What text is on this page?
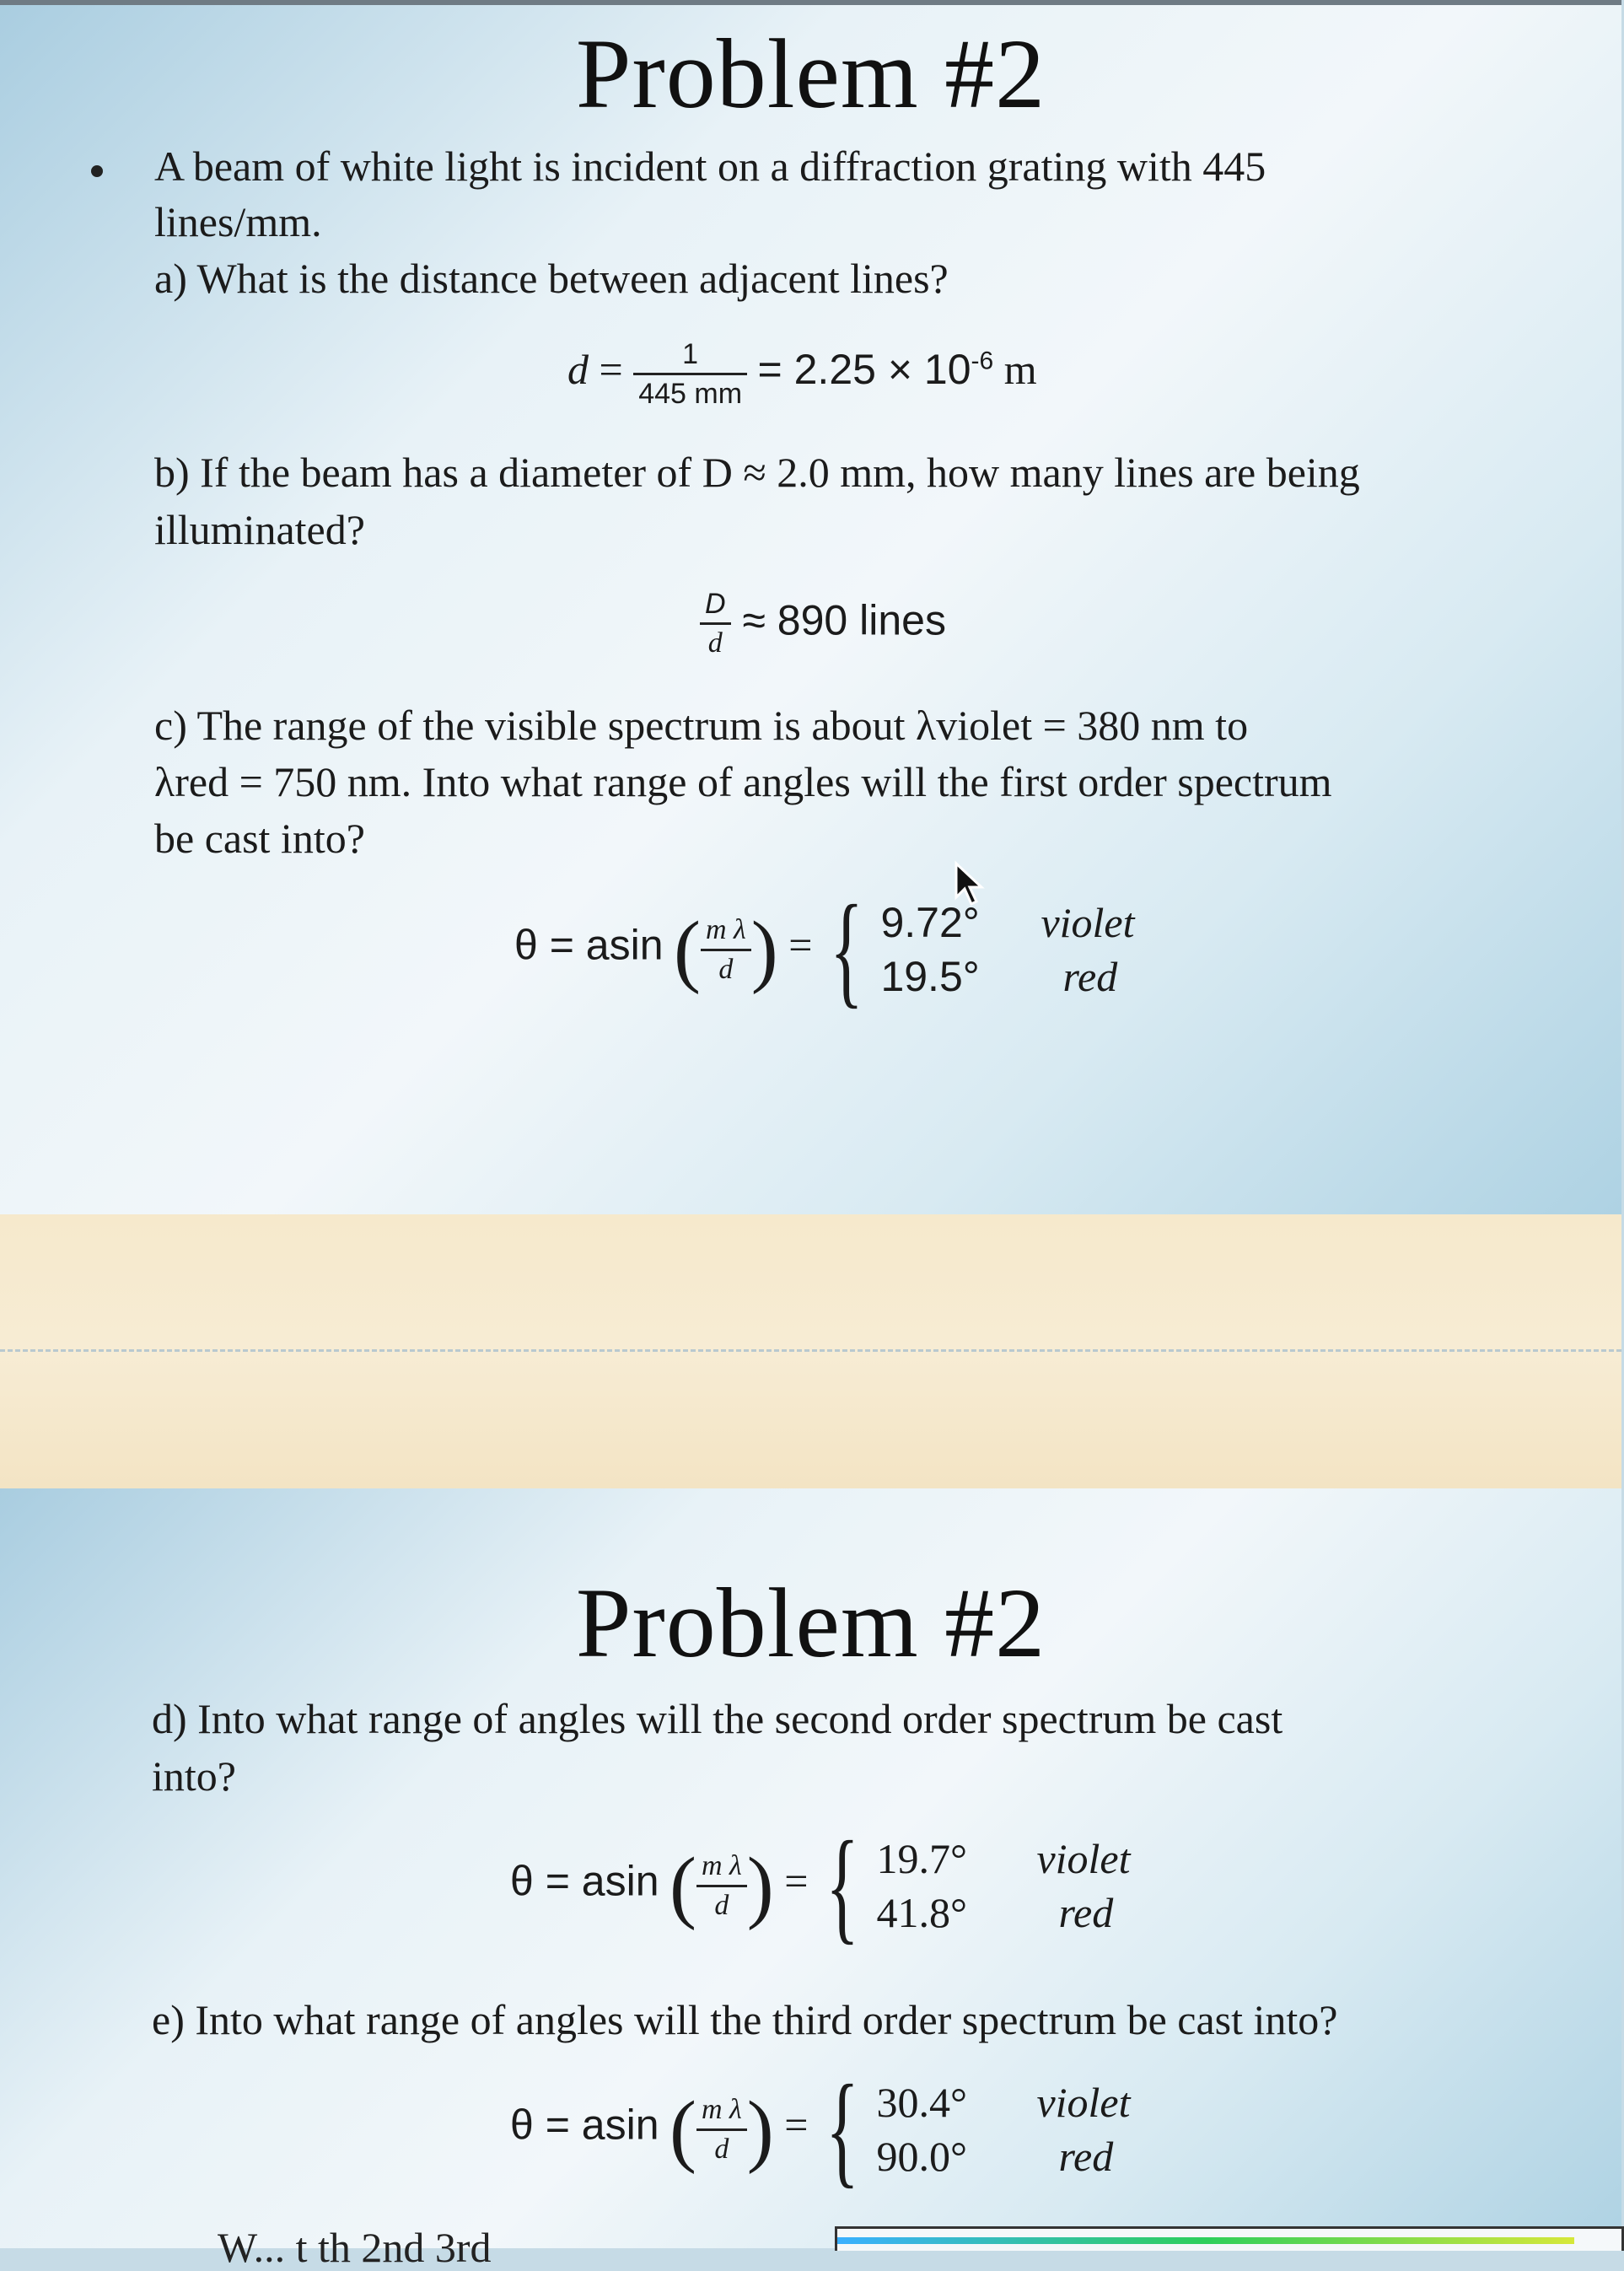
Problem #2
A beam of white light is incident on a diffraction grating with 445
lines/mm.
a) What is the distance between adjacent lines?
$d = \frac{1}{445 mm} = 2.25 \times 10^{-6}$ m
b) If the beam has a diameter of D ≈ 2.0 mm, how many lines are being
illuminated?
$\frac{D}{d} \approx 890$ lines
c) The range of the visible spectrum is about λviolet = 380 nm to
λred = 750 nm. Into what range of angles will the first order spectrum
be cast into?
θ = asin ( $\frac{\text{m λ}}{d}$ ) = { 9.72° violet
19.5° red
Problem #2
d) Into what range of angles will the second order spectrum be cast
into?
θ = asin ( $\frac{\text{m λ}}{d}$ ) = { 19.7° violet
41.8° red
e) Into what range of angles will the third order spectrum be cast into?
θ = asin ( $\frac{\text{m λ}}{d}$ ) = { 30.4° violet
90.0° red
W... t th 2nd 3rd
